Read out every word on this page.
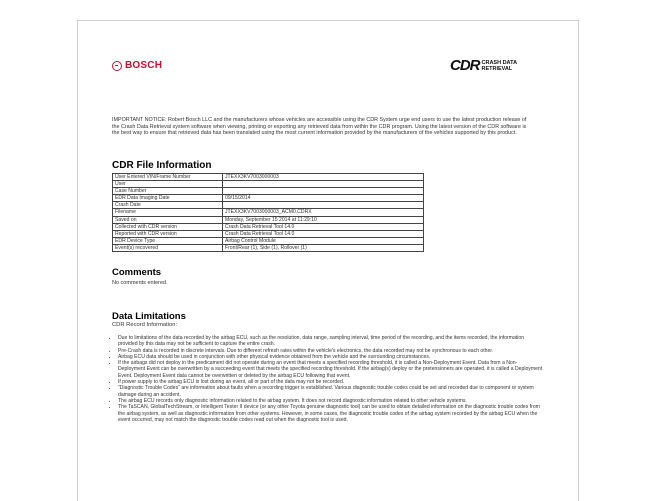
BOSCH	CDR CRASH DATA
RETRIEVAL
IMPORTANT NOTICE: Robert Bosch LLC and the manufacturers whose vehicles are accessible using the CDR System urge end users to use the latest production release of the Crash Data Retrieval system software when viewing, printing or exporting any retrieved data from within the CDR program. Using the latest version of the CDR software is the best way to ensure that retrieved data has been translated using the most current information provided by the manufacturers of the vehicles supported by this product.
CDR File Information
User Entered VIN/Frame Number	JTEXX3KV7003000003
User	
Case Number	
EDR Data Imaging Date	09/15/2014
Crash Date	
Filename	JTEXX3KV7003000003_ACM0.CDRX
Saved on	Monday, September 15 2014 at 11:29:10
Collected with CDR version	Crash Data Retrieval Tool 14.0
Reported with CDR version	Crash Data Retrieval Tool 14.0
EDR Device Type	Airbag Control Module
Event(s) recovered	Front/Rear (1), Side (1), Rollover (1)
Comments
No comments entered.
Data Limitations
CDR Record Information:
• Due to limitations of the data recorded by the airbag ECU, such as the resolution, data range, sampling interval, time period of the recording, and the items recorded, the information provided by this data may not be sufficient to capture the entire crash.
• Pre-Crash data is recorded in discrete intervals. Due to different refresh rates within the vehicle's electronics, the data recorded may not be synchronous to each other.
• Airbag ECU data should be used in conjunction with other physical evidence obtained from the vehicle and the surrounding circumstances.
• If the airbags did not deploy in the predicament did not operate during an event that meets a specified recording threshold, it is called a Non-Deployment Event. Data from a Non-Deployment Event can be overwritten by a succeeding event that meets the specified recording threshold. If the airbag(s) deploy or the pretensioners are operated, it is called a Deployment Event. Deployment Event data cannot be overwritten or deleted by the airbag ECU following that event.
• If power supply to the airbag ECU is lost during an event, all or part of the data may not be recorded.
• "Diagnostic Trouble Codes" are information about faults when a recording trigger is established. Various diagnostic trouble codes could be set and recorded due to component or system damage during an accident.
• The airbag ECU records only diagnostic information related to the airbag system. It does not record diagnostic information related to other vehicle systems.
• The TaSCAN, GlobalTechStream, or Intelligent Tester II device (or any other Toyota genuine diagnostic tool) can be used to obtain detailed information on the diagnostic trouble codes from the airbag system, as well as diagnostic information from other systems. However, in some cases, the diagnostic trouble codes of the airbag system recorded by the airbag ECU when the event occurred, may not match the diagnostic trouble codes read out when the diagnostic tool is used.
